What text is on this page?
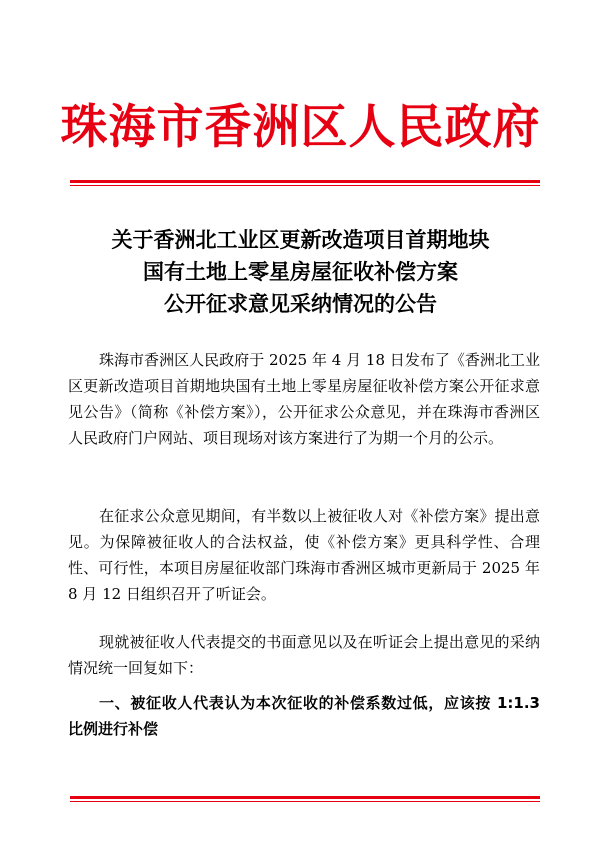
珠海市香洲区人民政府
关于香洲北工业区更新改造项目首期地块
国有土地上零星房屋征收补偿方案
公开征求意见采纳情况的公告

珠海市香洲区人民政府于 2025 年 4 月 18 日发布了《香洲北工业区更新改造项目首期地块国有土地上零星房屋征收补偿方案公开征求意见公告》（简称《补偿方案》），公开征求公众意见，并在珠海市香洲区人民政府门户网站、项目现场对该方案进行了为期一个月的公示。

在征求公众意见期间，有半数以上被征收人对《补偿方案》提出意见。为保障被征收人的合法权益，使《补偿方案》更具科学性、合理性、可行性，本项目房屋征收部门珠海市香洲区城市更新局于 2025 年 8 月 12 日组织召开了听证会。

现就被征收人代表提交的书面意见以及在听证会上提出意见的采纳情况统一回复如下：

一、被征收人代表认为本次征收的补偿系数过低，应该按 1:1.3 比例进行补偿
